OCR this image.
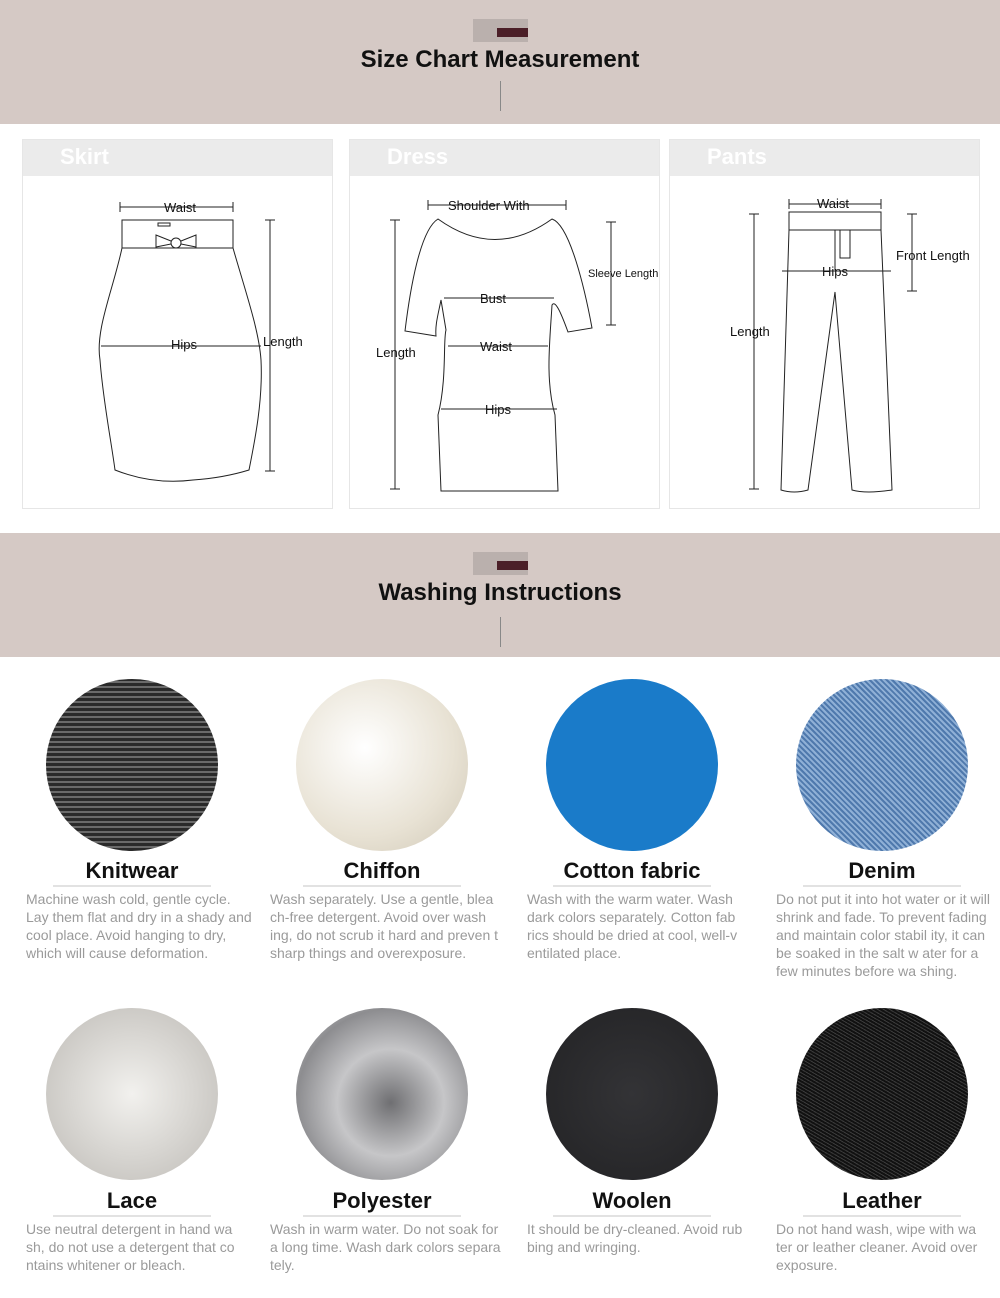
Size Chart Measurement
Skirt
Waist
Hips	Length
Dress
Shoulder With
Sleeve Length
Bust
Waist
Hips
Length
Pants
Waist
Hips
Length
Front Length
Washing Instructions
Knitwear
Machine wash cold, gentle cycle. Lay them flat and dry in a shady and cool place. Avoid hanging to dry, which will cause deformation.
Chiffon
Wash separately. Use a gentle, blea ch-free detergent. Avoid over wash ing, do not scrub it hard and preven t sharp things and overexposure.
Cotton fabric
Wash with the warm water. Wash dark colors separately. Cotton fab rics should be dried at cool, well-v entilated place.
Denim
Do not put it into hot water or it will shrink and fade. To prevent fading and maintain color stabil ity, it can be soaked in the salt w ater for a few minutes before wa shing.
Lace
Use neutral detergent in hand wa sh, do not use a detergent that co ntains whitener or bleach.
Polyester
Wash in warm water. Do not soak for a long time. Wash dark colors separa tely.
Woolen
It should be dry-cleaned. Avoid rub bing and wringing.
Leather
Do not hand wash, wipe with wa ter or leather cleaner. Avoid over exposure.
